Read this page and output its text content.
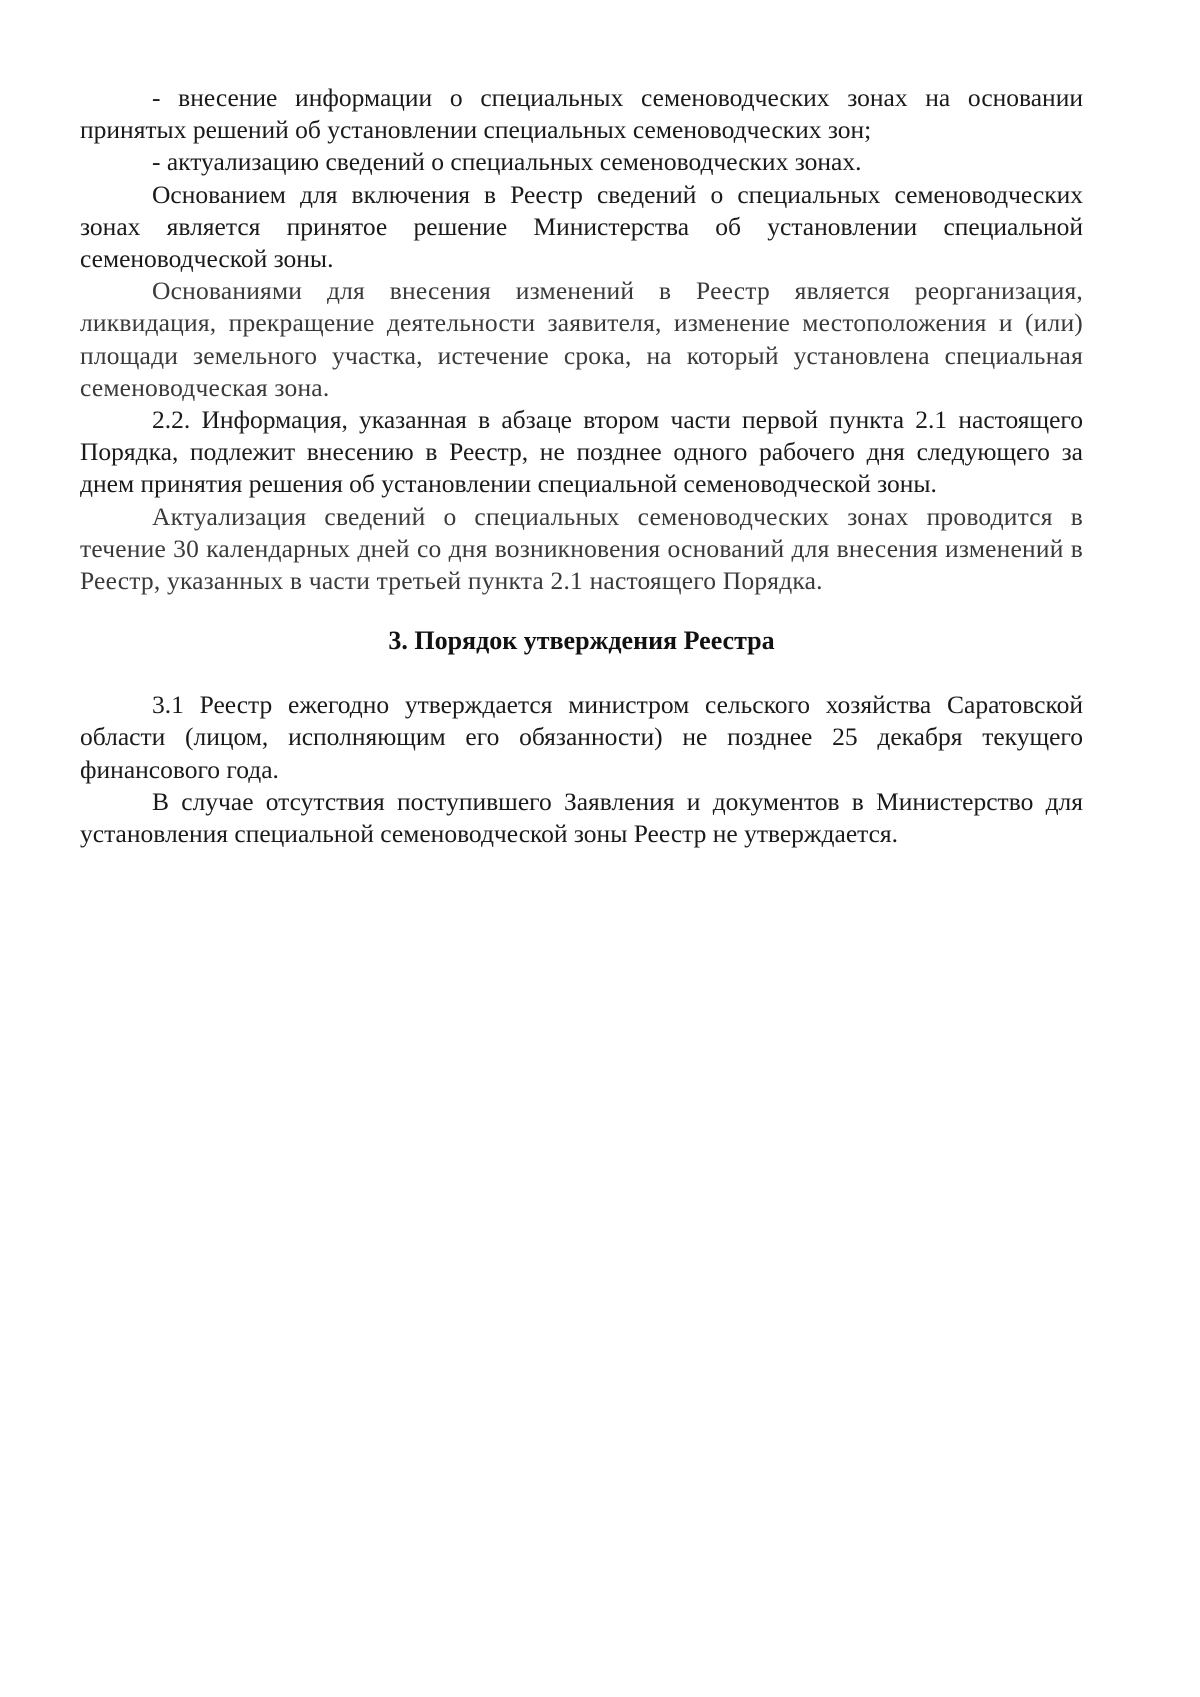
- внесение информации о специальных семеноводческих зонах на основании принятых решений об установлении специальных семеноводческих зон;

- актуализацию сведений о специальных семеноводческих зонах.

Основанием для включения в Реестр сведений о специальных семеноводческих зонах является принятое решение Министерства об установлении специальной семеноводческой зоны.

Основаниями для внесения изменений в Реестр является реорганизация, ликвидация, прекращение деятельности заявителя, изменение местоположения и (или) площади земельного участка, истечение срока, на который установлена специальная семеноводческая зона.

2.2. Информация, указанная в абзаце втором части первой пункта 2.1 настоящего Порядка, подлежит внесению в Реестр, не позднее одного рабочего дня следующего за днем принятия решения об установлении специальной семеноводческой зоны.

Актуализация сведений о специальных семеноводческих зонах проводится в течение 30 календарных дней со дня возникновения оснований для внесения изменений в Реестр, указанных в части третьей пункта 2.1 настоящего Порядка.

3. Порядок утверждения Реестра

3.1 Реестр ежегодно утверждается министром сельского хозяйства Саратовской области (лицом, исполняющим его обязанности) не позднее 25 декабря текущего финансового года.

В случае отсутствия поступившего Заявления и документов в Министерство для установления специальной семеноводческой зоны Реестр не утверждается.
